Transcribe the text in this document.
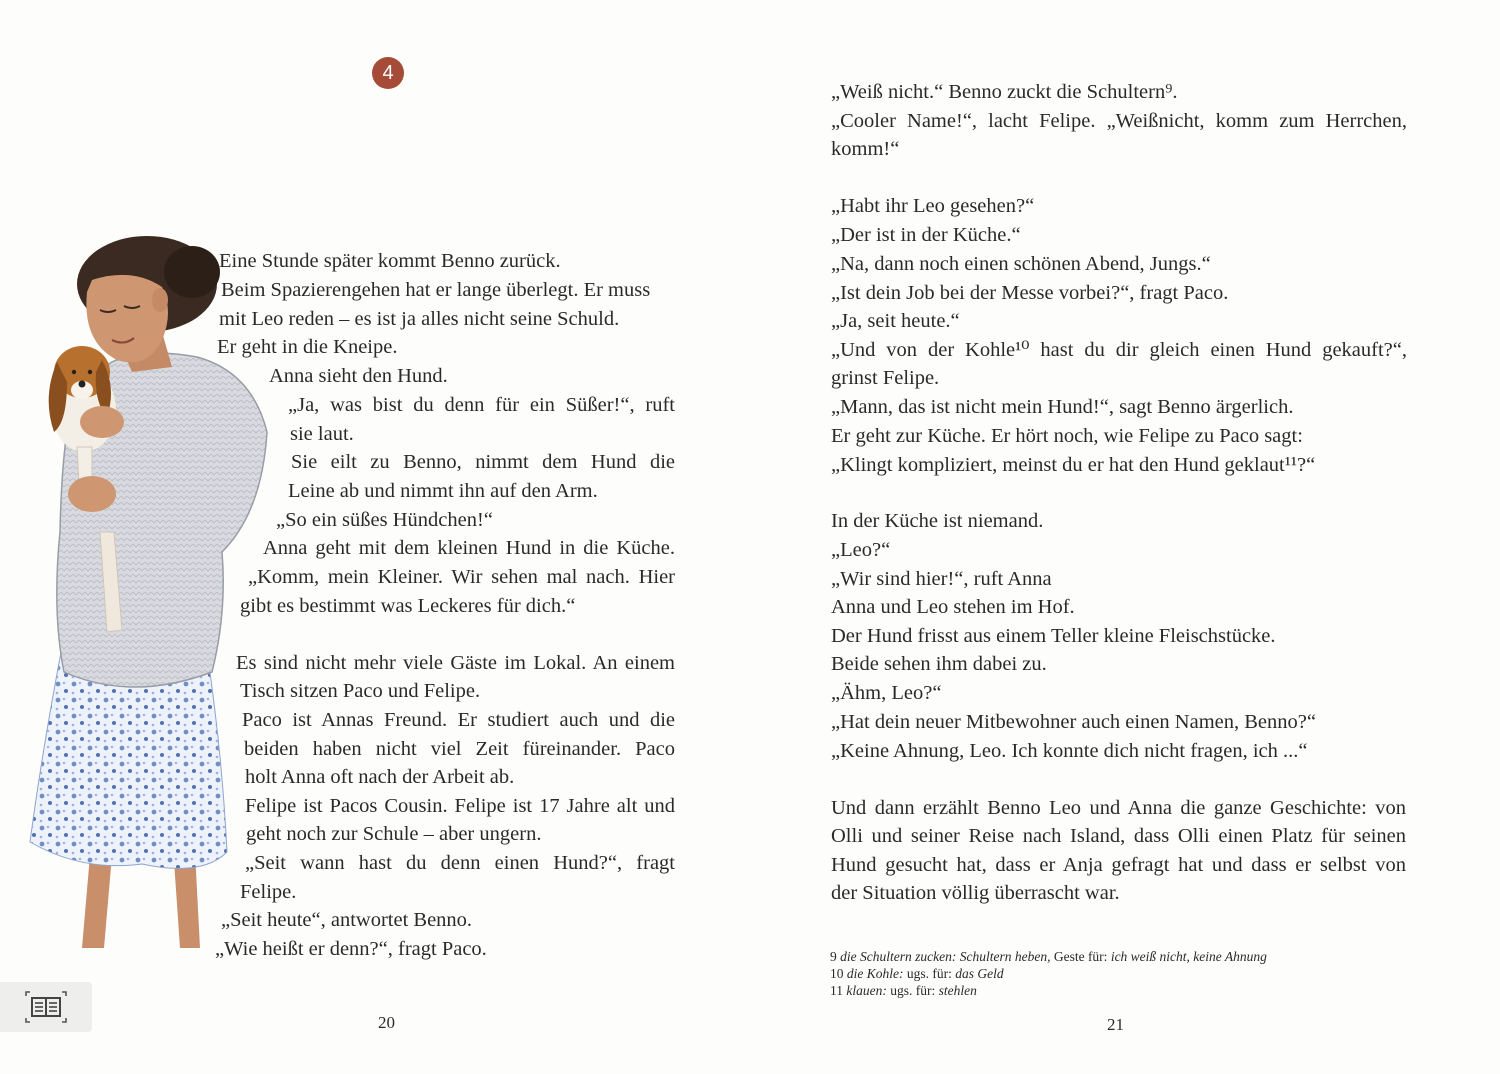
4
Eine Stunde später kommt Benno zurück.
Beim Spazierengehen hat er lange überlegt. Er muss
mit Leo reden – es ist ja alles nicht seine Schuld.
Er geht in die Kneipe.
Anna sieht den Hund.
„Ja, was bist du denn für ein Süßer!“, ruft
sie laut.
Sie eilt zu Benno, nimmt dem Hund die
Leine ab und nimmt ihn auf den Arm.
„So ein süßes Hündchen!“
Anna geht mit dem kleinen Hund in die Küche.
„Komm, mein Kleiner. Wir sehen mal nach. Hier
gibt es bestimmt was Leckeres für dich.“
Es sind nicht mehr viele Gäste im Lokal. An einem
Tisch sitzen Paco und Felipe.
Paco ist Annas Freund. Er studiert auch und die
beiden haben nicht viel Zeit füreinander. Paco
holt Anna oft nach der Arbeit ab.
Felipe ist Pacos Cousin. Felipe ist 17 Jahre alt und
geht noch zur Schule – aber ungern.
„Seit wann hast du denn einen Hund?“, fragt
Felipe.
„Seit heute“, antwortet Benno.
„Wie heißt er denn?“, fragt Paco.
20
„Weiß nicht.“ Benno zuckt die Schultern⁹.
„Cooler Name!“, lacht Felipe. „Weißnicht, komm zum Herrchen,
komm!“
„Habt ihr Leo gesehen?“
„Der ist in der Küche.“
„Na, dann noch einen schönen Abend, Jungs.“
„Ist dein Job bei der Messe vorbei?“, fragt Paco.
„Ja, seit heute.“
„Und von der Kohle¹⁰ hast du dir gleich einen Hund gekauft?“,
grinst Felipe.
„Mann, das ist nicht mein Hund!“, sagt Benno ärgerlich.
Er geht zur Küche. Er hört noch, wie Felipe zu Paco sagt:
„Klingt kompliziert, meinst du er hat den Hund geklaut¹¹?“
In der Küche ist niemand.
„Leo?“
„Wir sind hier!“, ruft Anna
Anna und Leo stehen im Hof.
Der Hund frisst aus einem Teller kleine Fleischstücke.
Beide sehen ihm dabei zu.
„Ähm, Leo?“
„Hat dein neuer Mitbewohner auch einen Namen, Benno?“
„Keine Ahnung, Leo. Ich konnte dich nicht fragen, ich ...“
Und dann erzählt Benno Leo und Anna die ganze Geschichte: von
Olli und seiner Reise nach Island, dass Olli einen Platz für seinen
Hund gesucht hat, dass er Anja gefragt hat und dass er selbst von
der Situation völlig überrascht war.
9 die Schultern zucken: Schultern heben, Geste für: ich weiß nicht, keine Ahnung
10 die Kohle: ugs. für: das Geld
11 klauen: ugs. für: stehlen
21
